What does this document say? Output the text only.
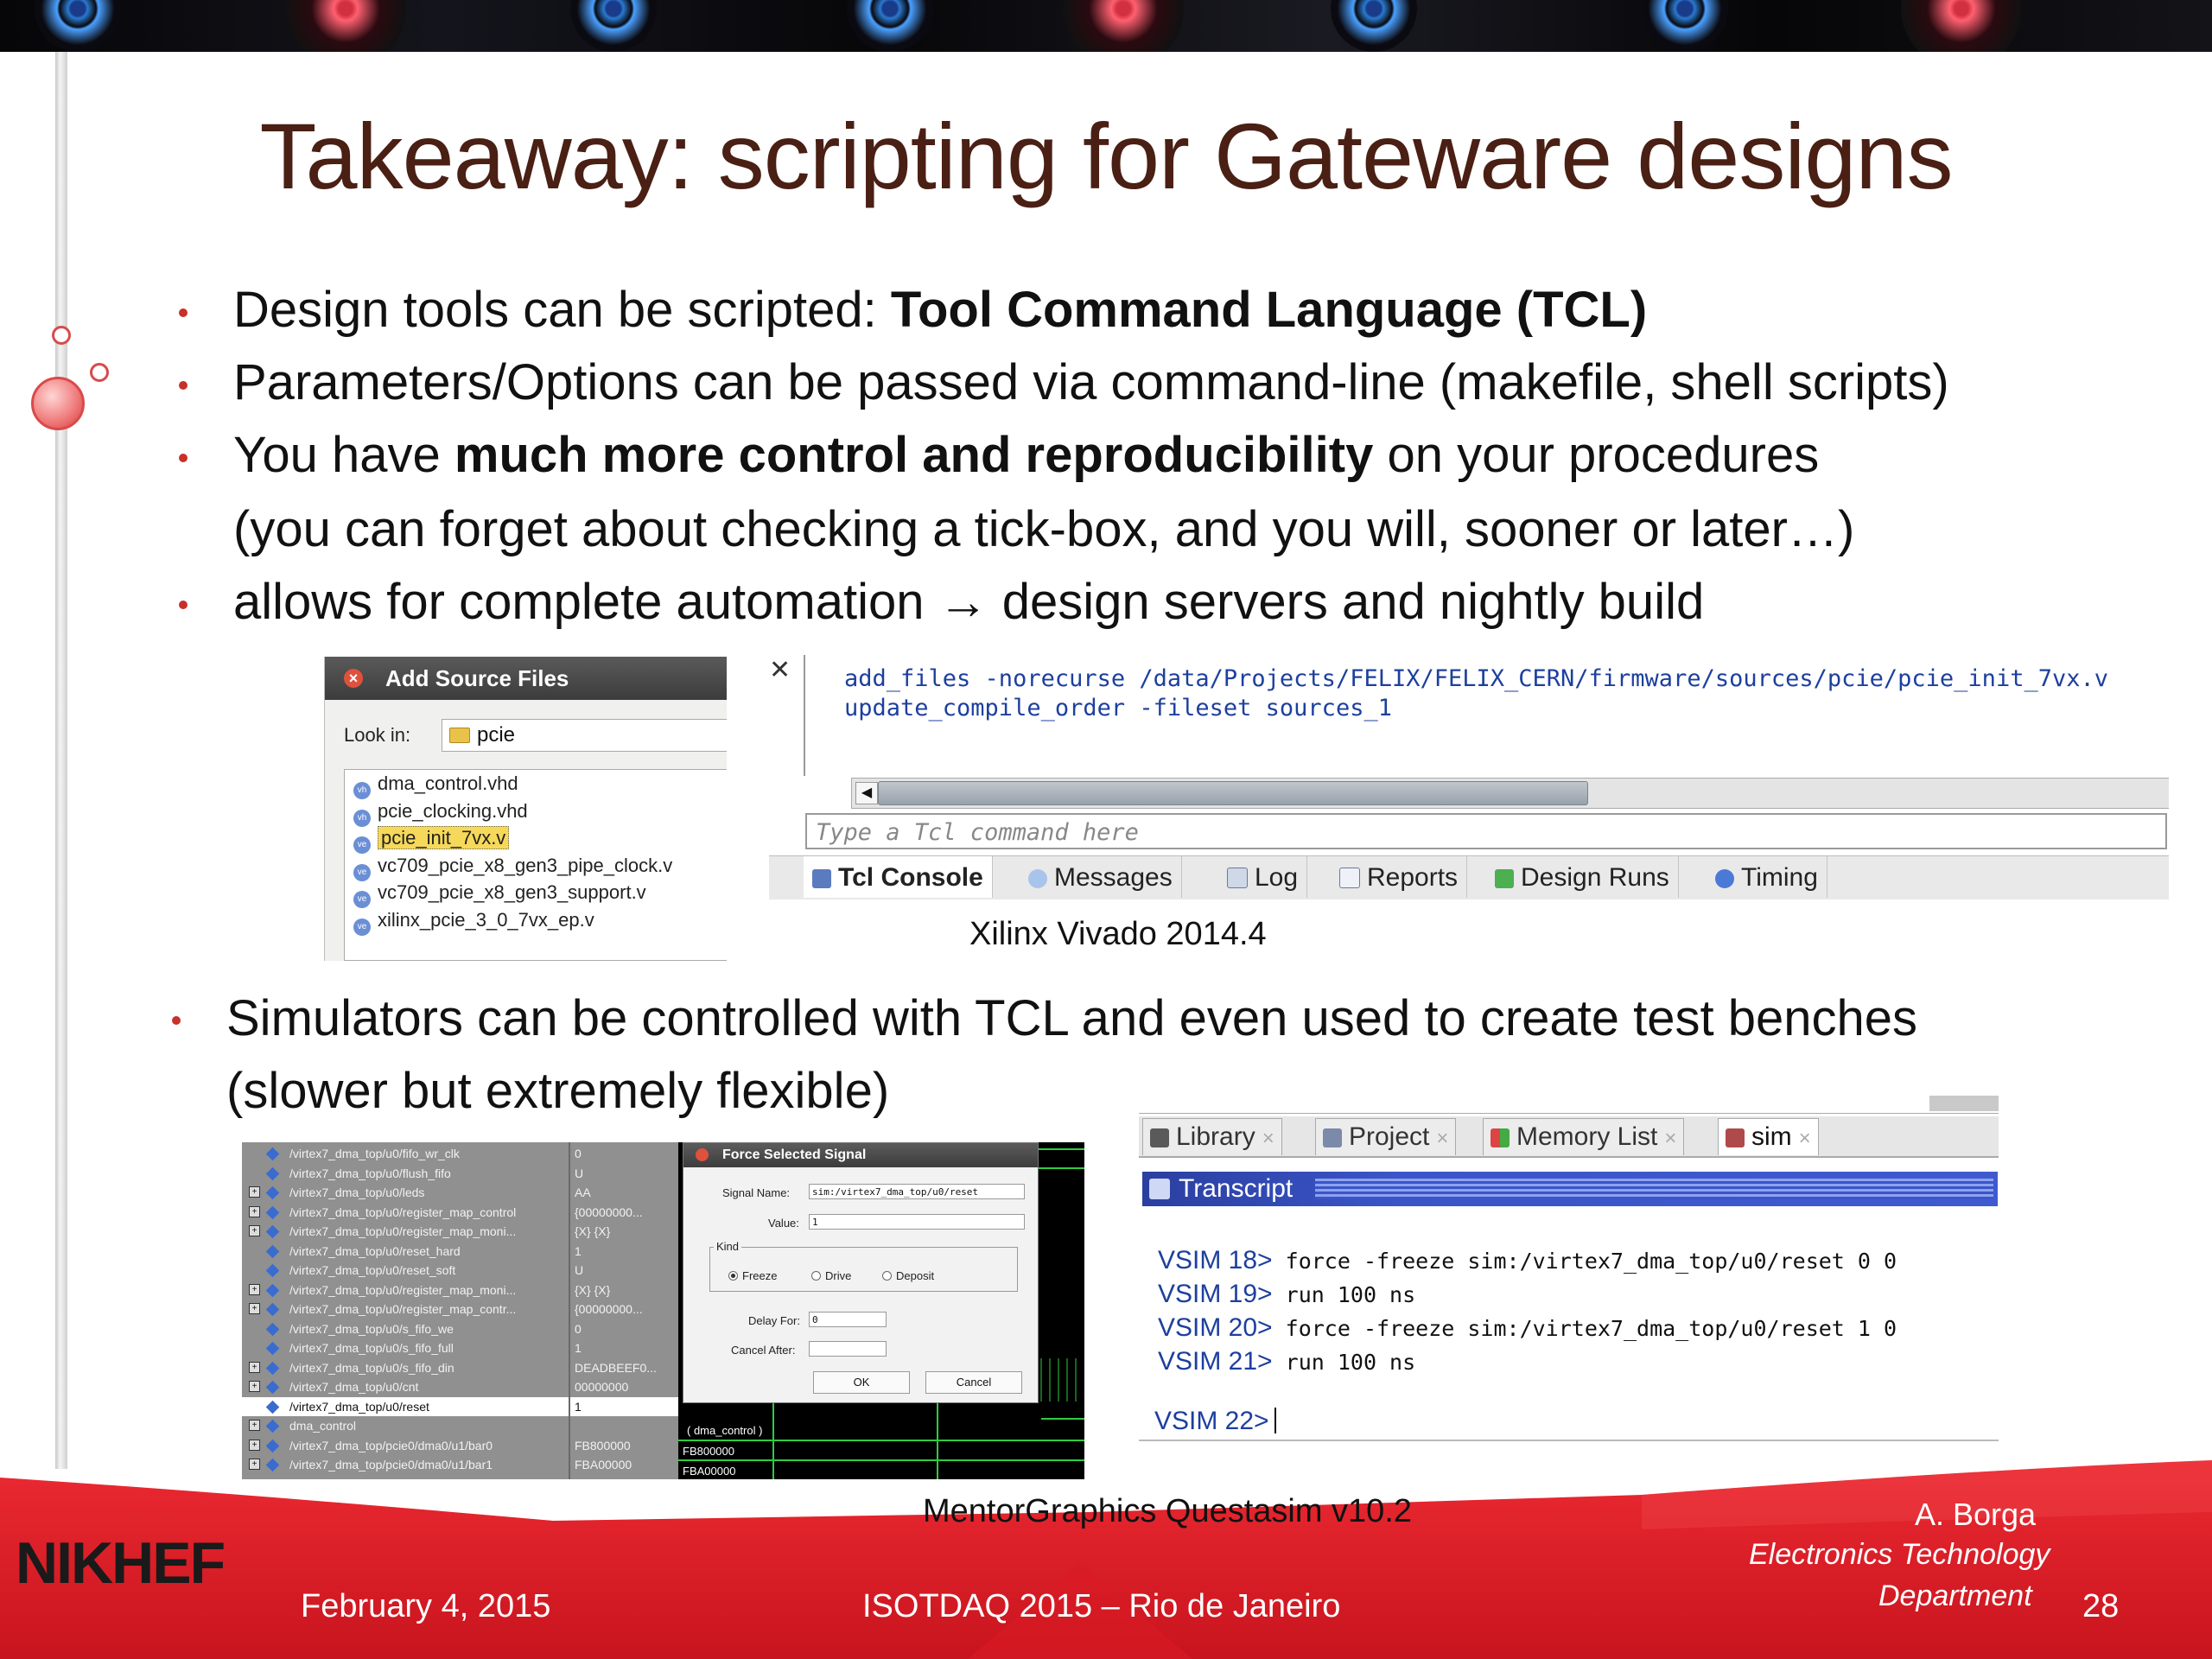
Takeaway: scripting for Gateware designs
Design tools can be scripted: Tool Command Language (TCL)
Parameters/Options can be passed via command-line (makefile, shell scripts)
You have much more control and reproducibility on your procedures
(you can forget about checking a tick-box, and you will, sooner or later…)
allows for complete automation → design servers and nightly build
Simulators can be controlled with TCL and even used to create test benches
(slower but extremely flexible)
× Add Source Files
Look in:	pcie
vh dma_control.vhd
vh pcie_clocking.vhd
ve pcie_init_7vx.v
ve vc709_pcie_x8_gen3_pipe_clock.v
ve vc709_pcie_x8_gen3_support.v
ve xilinx_pcie_3_0_7vx_ep.v
✕ add_files -norecurse /data/Projects/FELIX/FELIX_CERN/firmware/sources/pcie/pcie_init_7vx.v
update_compile_order -fileset sources_1
◀
Type a Tcl command here
Tcl Console	Messages	Log	Reports	Design Runs	Timing
Xilinx Vivado 2014.4
/virtex7_dma_top/u0/fifo_wr_clk	0
/virtex7_dma_top/u0/flush_fifo	U
+	/virtex7_dma_top/u0/leds	AA
+	/virtex7_dma_top/u0/register_map_control	{00000000...
+	/virtex7_dma_top/u0/register_map_moni...	{X} {X}
/virtex7_dma_top/u0/reset_hard	1
/virtex7_dma_top/u0/reset_soft	U
+	/virtex7_dma_top/u0/register_map_moni...	{X} {X}
+	/virtex7_dma_top/u0/register_map_contr...	{00000000...
/virtex7_dma_top/u0/s_fifo_we	0
/virtex7_dma_top/u0/s_fifo_full	1
+	/virtex7_dma_top/u0/s_fifo_din	DEADBEEF0...
+	/virtex7_dma_top/u0/cnt	00000000
/virtex7_dma_top/u0/reset	1
+	dma_control
+	/virtex7_dma_top/pcie0/dma0/u1/bar0	FB800000
+	/virtex7_dma_top/pcie0/dma0/u1/bar1	FBA00000
( dma_control )
FB800000
FBA00000
Force Selected Signal
Signal Name:	sim:/virtex7_dma_top/u0/reset
Value:	1
Kind
Freeze	Drive	Deposit
Delay For:	0
Cancel After:
OK	Cancel
Library ×	Project ×	Memory List ×	sim ×
Transcript
VSIM 18> force -freeze sim:/virtex7_dma_top/u0/reset 0 0
VSIM 19> run 100 ns
VSIM 20> force -freeze sim:/virtex7_dma_top/u0/reset 1 0
VSIM 21> run 100 ns
VSIM 22>
MentorGraphics Questasim v10.2
NIKHEF
February 4, 2015	ISOTDAQ 2015 – Rio de Janeiro
A. Borga
Electronics Technology
Department 28
